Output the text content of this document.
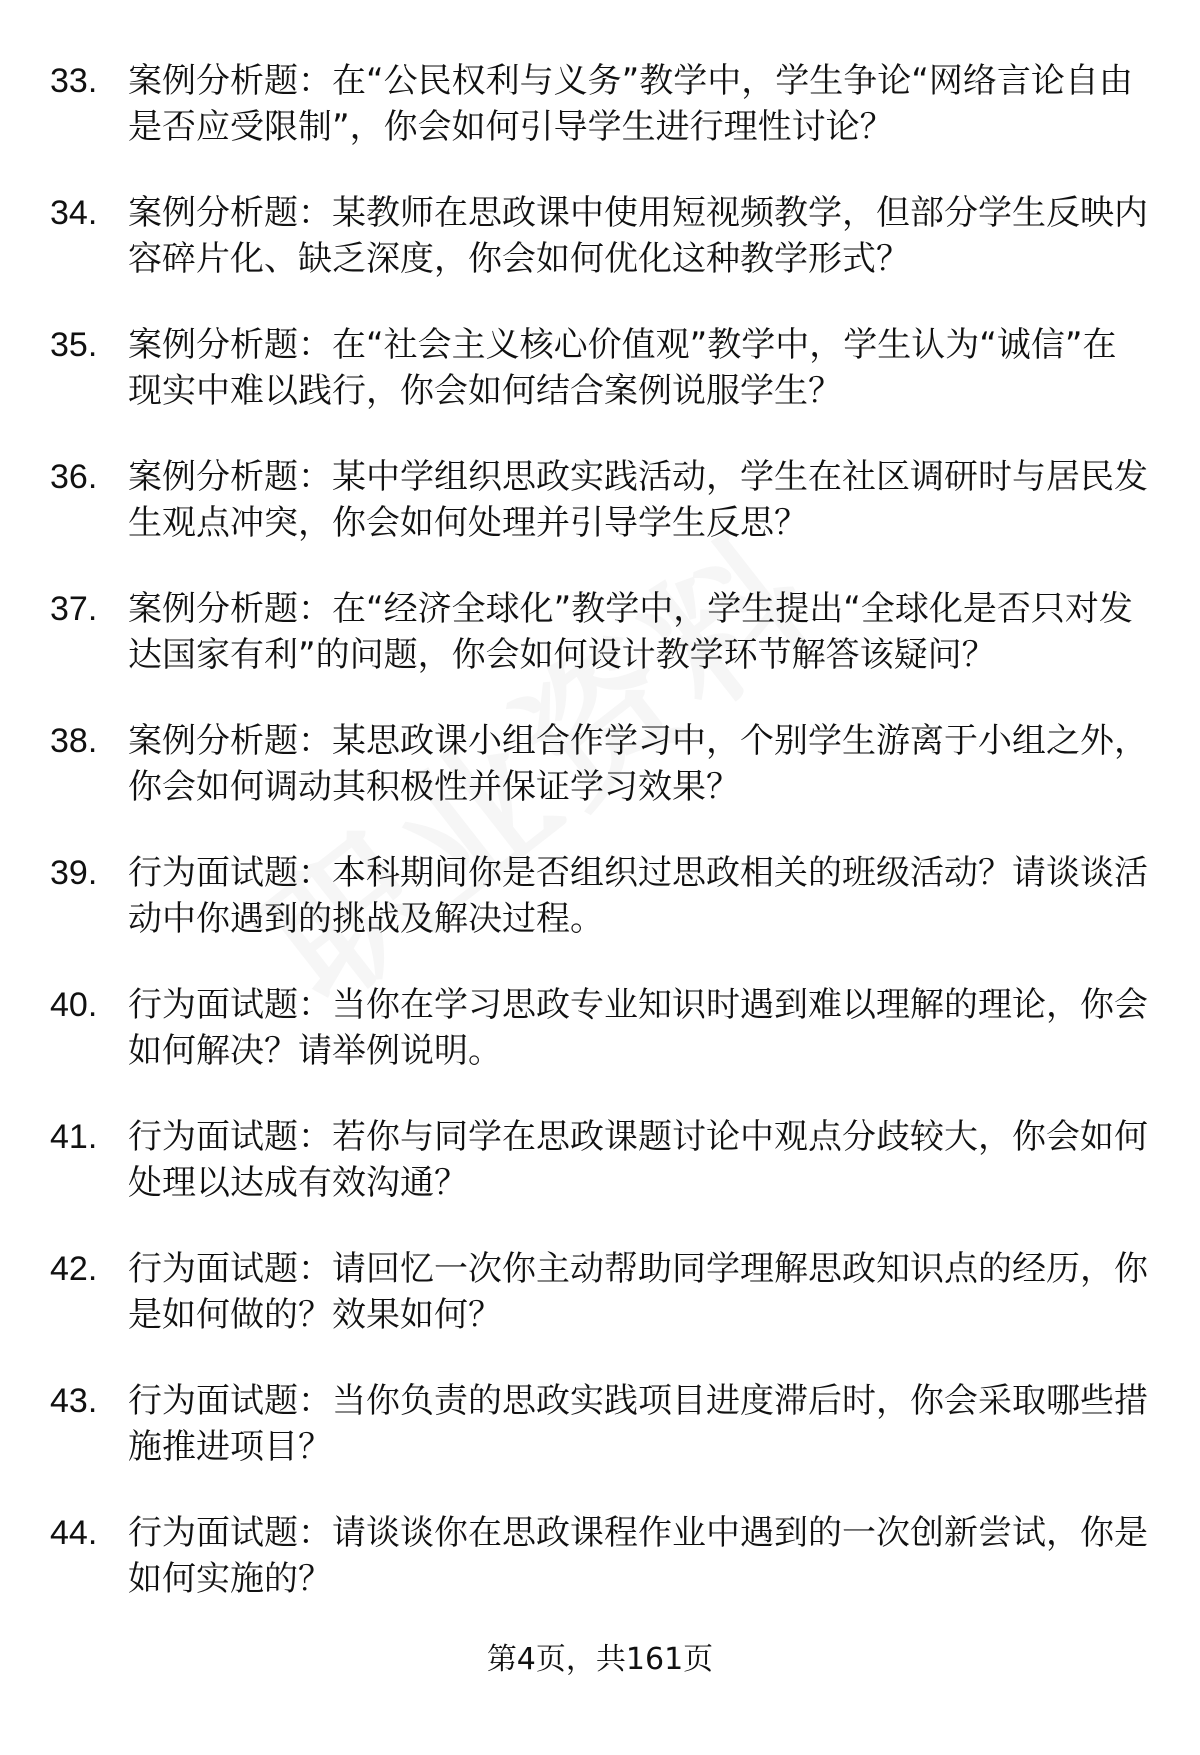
33. 案例分析题：在“公民权利与义务”教学中，学生争论“网络言论自由是否应受限制”，你会如何引导学生进行理性讨论？
34. 案例分析题：某教师在思政课中使用短视频教学，但部分学生反映内容碎片化、缺乏深度，你会如何优化这种教学形式？
35. 案例分析题：在“社会主义核心价值观”教学中，学生认为“诚信”在现实中难以践行，你会如何结合案例说服学生？
36. 案例分析题：某中学组织思政实践活动，学生在社区调研时与居民发生观点冲突，你会如何处理并引导学生反思？
37. 案例分析题：在“经济全球化”教学中，学生提出“全球化是否只对发达国家有利”的问题，你会如何设计教学环节解答该疑问？
38. 案例分析题：某思政课小组合作学习中，个别学生游离于小组之外，你会如何调动其积极性并保证学习效果？
39. 行为面试题：本科期间你是否组织过思政相关的班级活动？请谈谈活动中你遇到的挑战及解决过程。
40. 行为面试题：当你在学习思政专业知识时遇到难以理解的理论，你会如何解决？请举例说明。
41. 行为面试题：若你与同学在思政课题讨论中观点分歧较大，你会如何处理以达成有效沟通？
42. 行为面试题：请回忆一次你主动帮助同学理解思政知识点的经历，你是如何做的？效果如何？
43. 行为面试题：当你负责的思政实践项目进度滞后时，你会采取哪些措施推进项目？
44. 行为面试题：请谈谈你在思政课程作业中遇到的一次创新尝试，你是如何实施的？
第4页，共161页
